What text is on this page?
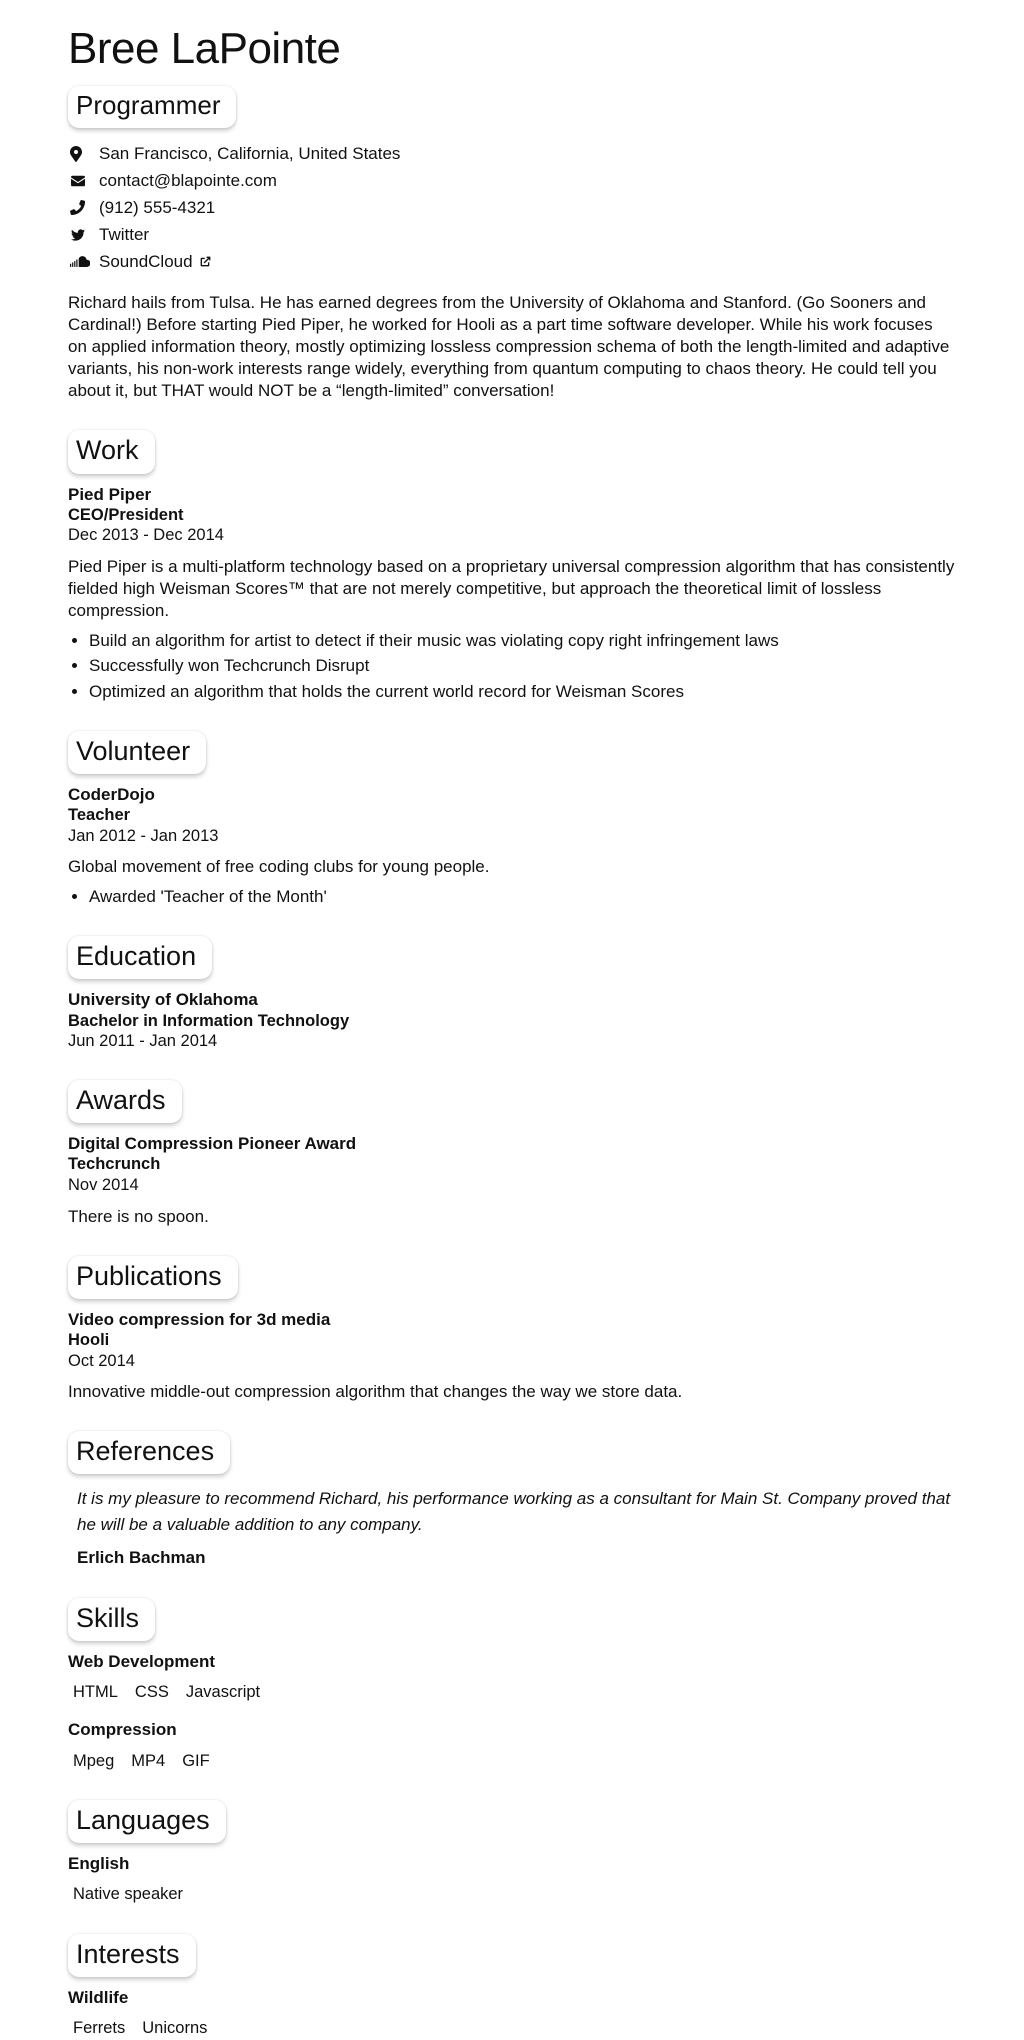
Bree LaPointe
Programmer
San Francisco, California, United States
contact@blapointe.com
(912) 555-4321
Twitter
SoundCloud

Richard hails from Tulsa. He has earned degrees from the University of Oklahoma and Stanford. (Go Sooners and Cardinal!) Before starting Pied Piper, he worked for Hooli as a part time software developer. While his work focuses on applied information theory, mostly optimizing lossless compression schema of both the length-limited and adaptive variants, his non-work interests range widely, everything from quantum computing to chaos theory. He could tell you about it, but THAT would NOT be a “length-limited” conversation!

Work
Pied Piper
CEO/President
Dec 2013 - Dec 2014

Pied Piper is a multi-platform technology based on a proprietary universal compression algorithm that has consistently fielded high Weisman Scores™ that are not merely competitive, but approach the theoretical limit of lossless compression.

• Build an algorithm for artist to detect if their music was violating copy right infringement laws
• Successfully won Techcrunch Disrupt
• Optimized an algorithm that holds the current world record for Weisman Scores
Volunteer
CoderDojo
Teacher
Jan 2012 - Jan 2013

Global movement of free coding clubs for young people.

• Awarded 'Teacher of the Month'
Education
University of Oklahoma
Bachelor in Information Technology
Jun 2011 - Jan 2014
Awards
Digital Compression Pioneer Award
Techcrunch
Nov 2014

There is no spoon.

Publications
Video compression for 3d media
Hooli
Oct 2014

Innovative middle-out compression algorithm that changes the way we store data.

References

It is my pleasure to recommend Richard, his performance working as a consultant for Main St. Company proved that he will be a valuable addition to any company.

Erlich Bachman
Skills
Web Development
HTML CSS Javascript
Compression
Mpeg MP4 GIF
Languages
English
Native speaker
Interests
Wildlife
Ferrets Unicorns
